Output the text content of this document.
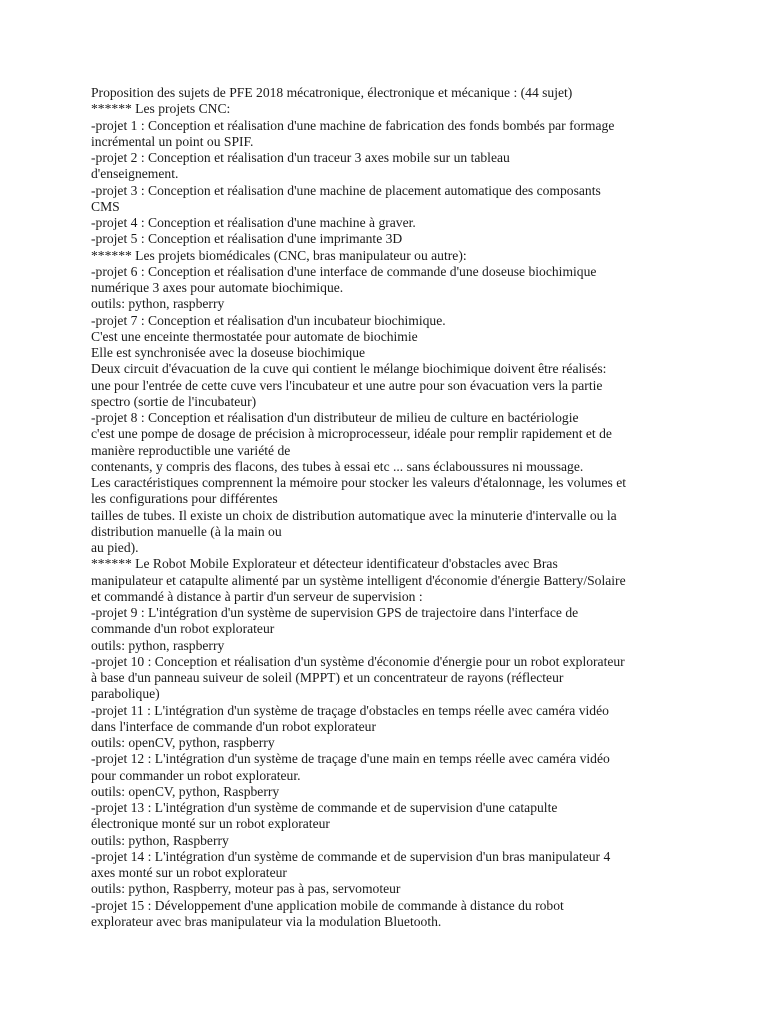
Proposition des sujets de PFE 2018 mécatronique, électronique et mécanique : (44 sujet)
****** Les projets CNC:
-projet 1 : Conception et réalisation d'une machine de fabrication des fonds bombés par formage
incrémental un point ou SPIF.
-projet 2 : Conception et réalisation d'un traceur 3 axes mobile sur un tableau
d'enseignement.
-projet 3 : Conception et réalisation d'une machine de placement automatique des composants
CMS
-projet 4 : Conception et réalisation d'une machine à graver.
-projet 5 : Conception et réalisation d'une imprimante 3D
****** Les projets biomédicales (CNC, bras manipulateur ou autre):
-projet 6 : Conception et réalisation d'une interface de commande d'une doseuse biochimique
numérique 3 axes pour automate biochimique.
outils: python, raspberry
-projet 7 : Conception et réalisation d'un incubateur biochimique.
C'est une enceinte thermostatée pour automate de biochimie
Elle est synchronisée avec la doseuse biochimique
Deux circuit d'évacuation de la cuve qui contient le mélange biochimique doivent être réalisés:
une pour l'entrée de cette cuve vers l'incubateur et une autre pour son évacuation vers la partie
spectro (sortie de l'incubateur)
-projet 8 : Conception et réalisation d'un distributeur de milieu de culture en bactériologie
c'est une pompe de dosage de précision à microprocesseur, idéale pour remplir rapidement et de
manière reproductible une variété de
contenants, y compris des flacons, des tubes à essai etc ... sans éclaboussures ni moussage.
Les caractéristiques comprennent la mémoire pour stocker les valeurs d'étalonnage, les volumes et
les configurations pour différentes
tailles de tubes. Il existe un choix de distribution automatique avec la minuterie d'intervalle ou la
distribution manuelle (à la main ou
au pied).
****** Le Robot Mobile Explorateur et détecteur identificateur d'obstacles avec Bras
manipulateur et catapulte alimenté par un système intelligent d'économie d'énergie Battery/Solaire
et commandé à distance à partir d'un serveur de supervision :
-projet 9 : L'intégration d'un système de supervision GPS de trajectoire dans l'interface de
commande d'un robot explorateur
outils: python, raspberry
-projet 10 : Conception et réalisation d'un système d'économie d'énergie pour un robot explorateur
à base d'un panneau suiveur de soleil (MPPT) et un concentrateur de rayons (réflecteur
parabolique)
-projet 11 : L'intégration d'un système de traçage d'obstacles en temps réelle avec caméra vidéo
dans l'interface de commande d'un robot explorateur
outils: openCV, python, raspberry
-projet 12 : L'intégration d'un système de traçage d'une main en temps réelle avec caméra vidéo
pour commander un robot explorateur.
outils: openCV, python, Raspberry
-projet 13 : L'intégration d'un système de commande et de supervision d'une catapulte
électronique monté sur un robot explorateur
outils: python, Raspberry
-projet 14 : L'intégration d'un système de commande et de supervision d'un bras manipulateur 4
axes monté sur un robot explorateur
outils: python, Raspberry, moteur pas à pas, servomoteur
-projet 15 : Développement d'une application mobile de commande à distance du robot
explorateur avec bras manipulateur via la modulation Bluetooth.
